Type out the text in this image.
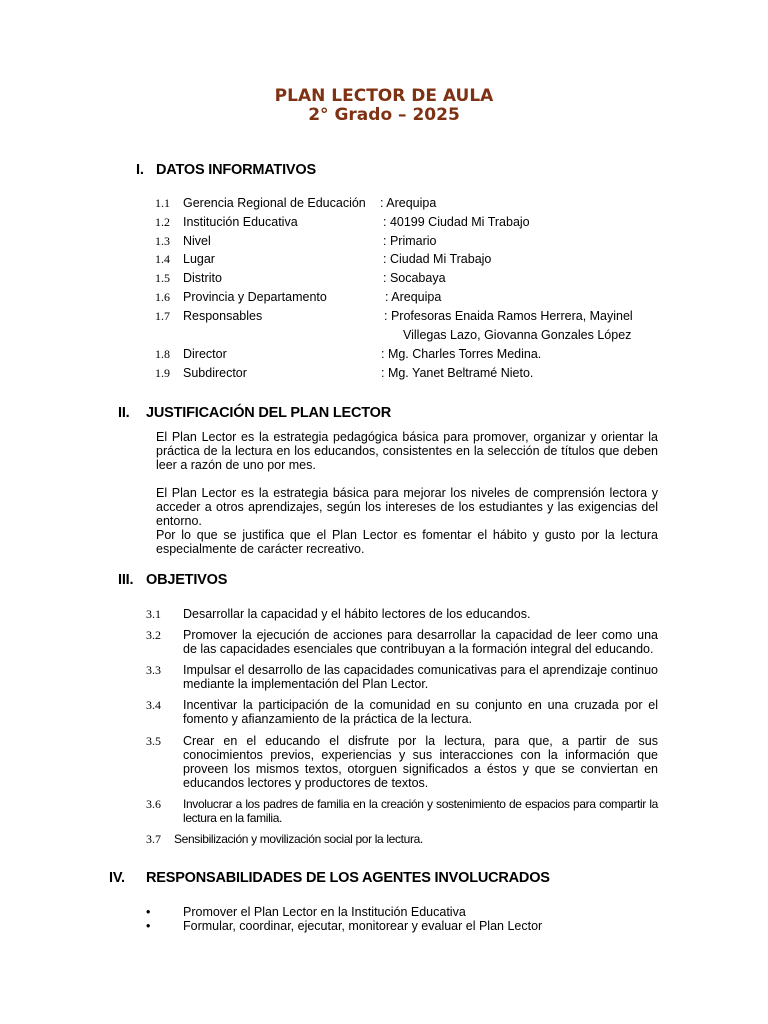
PLAN LECTOR DE AULA
2° Grado – 2025
I. DATOS INFORMATIVOS
1.1 Gerencia Regional de Educación : Arequipa
1.2 Institución Educativa	: 40199 Ciudad Mi Trabajo
1.3 Nivel	: Primario
1.4 Lugar	: Ciudad Mi Trabajo
1.5 Distrito	: Socabaya
1.6 Provincia y Departamento	: Arequipa
1.7 Responsables	: Profesoras Enaida Ramos Herrera, Mayinel
Villegas Lazo, Giovanna Gonzales López
1.8 Director	: Mg. Charles Torres Medina.
1.9 Subdirector	: Mg. Yanet Beltramé Nieto.
II. JUSTIFICACIÓN DEL PLAN LECTOR
El Plan Lector es la estrategia pedagógica básica para promover, organizar y orientar la práctica de la lectura en los educandos, consistentes en la selección de títulos que deben leer a razón de uno por mes.
El Plan Lector es la estrategia básica para mejorar los niveles de comprensión lectora y acceder a otros aprendizajes, según los intereses de los estudiantes y las exigencias del entorno.
Por lo que se justifica que el Plan Lector es fomentar el hábito y gusto por la lectura especialmente de carácter recreativo.
III. OBJETIVOS
3.1 Desarrollar la capacidad y el hábito lectores de los educandos.
3.2 Promover la ejecución de acciones para desarrollar la capacidad de leer como una de las capacidades esenciales que contribuyan a la formación integral del educando.
3.3 Impulsar el desarrollo de las capacidades comunicativas para el aprendizaje continuo mediante la implementación del Plan Lector.
3.4 Incentivar la participación de la comunidad en su conjunto en una cruzada por el fomento y afianzamiento de la práctica de la lectura.
3.5 Crear en el educando el disfrute por la lectura, para que, a partir de sus conocimientos previos, experiencias y sus interacciones con la información que proveen los mismos textos, otorguen significados a éstos y que se conviertan en educandos lectores y productores de textos.
3.6 Involucrar a los padres de familia en la creación y sostenimiento de espacios para compartir la lectura en la familia.
3.7 Sensibilización y movilización social por la lectura.
IV. RESPONSABILIDADES DE LOS AGENTES INVOLUCRADOS
•	Promover el Plan Lector en la Institución Educativa
•	Formular, coordinar, ejecutar, monitorear y evaluar el Plan Lector
